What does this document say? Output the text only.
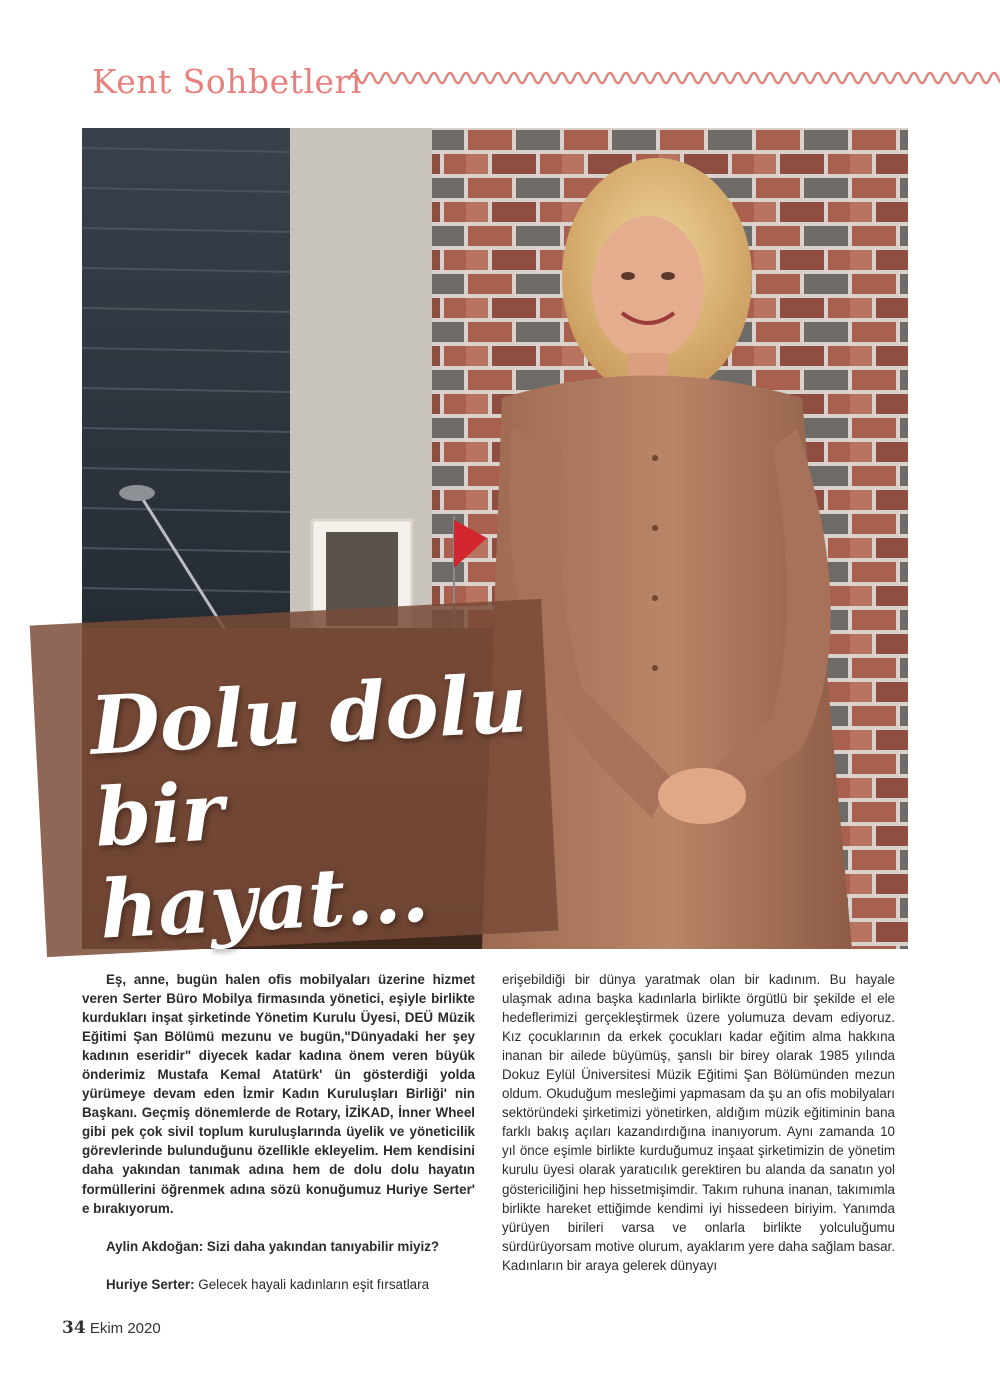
Kent Sohbetleri
Dolu dolu
bir hayat...

Eş, anne, bugün halen ofis mobilyaları üzerine hizmet veren Serter Büro Mobilya firmasında yönetici, eşiyle birlikte kurdukları inşat şirketinde Yönetim Kurulu Üyesi, DEÜ Müzik Eğitimi Şan Bölümü mezunu ve bugün,"Dünyadaki her şey kadının eseridir" diyecek kadar kadına önem veren büyük önderimiz Mustafa Kemal Atatürk' ün gösterdiği yolda yürümeye devam eden İzmir Kadın Kuruluşları Birliği' nin Başkanı. Geçmiş dönemlerde de Rotary, İZİKAD, İnner Wheel gibi pek çok sivil toplum kuruluşlarında üyelik ve yöneticilik görevlerinde bulunduğunu özellikle ekleyelim. Hem kendisini daha yakından tanımak adına hem de dolu dolu hayatın formüllerini öğrenmek adına sözü konuğumuz Huriye Serter' e bırakıyorum.

Aylin Akdoğan: Sizi daha yakından tanıyabilir miyiz?

Huriye Serter: Gelecek hayali kadınların eşit fırsatlara

erişebildiği bir dünya yaratmak olan bir kadınım. Bu hayale ulaşmak adına başka kadınlarla birlikte örgütlü bir şekilde el ele hedeflerimizi gerçekleştirmek üzere yolumuza devam ediyoruz. Kız çocuklarının da erkek çocukları kadar eğitim alma hakkına inanan bir ailede büyümüş, şanslı bir birey olarak 1985 yılında Dokuz Eylül Üniversitesi Müzik Eğitimi Şan Bölümünden mezun oldum. Okuduğum mesleğimi yapmasam da şu an ofis mobilyaları sektöründeki şirketimizi yönetirken, aldığım müzik eğitiminin bana farklı bakış açıları kazandırdığına inanıyorum. Aynı zamanda 10 yıl önce eşimle birlikte kurduğumuz inşaat şirketimizin de yönetim kurulu üyesi olarak yaratıcılık gerektiren bu alanda da sanatın yol göstericiliğini hep hissetmişimdir. Takım ruhuna inanan, takımımla birlikte hareket ettiğimde kendimi iyi hissedeen biriyim. Yanımda yürüyen birileri varsa ve onlarla birlikte yolculuğumu sürdürüyorsam motive olurum, ayaklarım yere daha sağlam basar. Kadınların bir araya gelerek dünyayı

34 Ekim 2020
